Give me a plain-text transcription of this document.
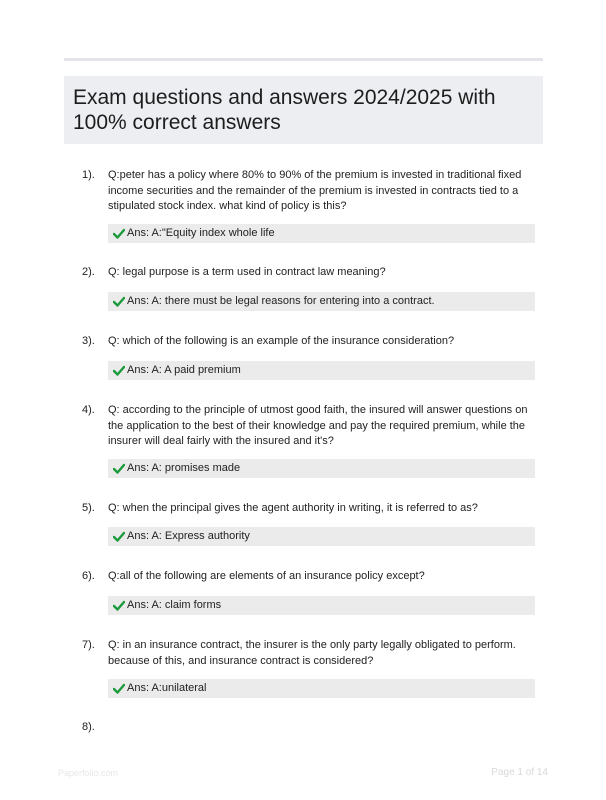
Exam questions and answers 2024/2025 with 100% correct answers
1). Q:peter has a policy where 80% to 90% of the premium is invested in traditional fixed income securities and the remainder of the premium is invested in contracts tied to a stipulated stock index. what kind of policy is this?
Ans: A:"Equity index whole life
2). Q: legal purpose is a term used in contract law meaning?
Ans: A: there must be legal reasons for entering into a contract.
3). Q: which of the following is an example of the insurance consideration?
Ans: A: A paid premium
4). Q: according to the principle of utmost good faith, the insured will answer questions on the application to the best of their knowledge and pay the required premium, while the insurer will deal fairly with the insured and it's?
Ans: A: promises made
5). Q: when the principal gives the agent authority in writing, it is referred to as?
Ans: A: Express authority
6). Q:all of the following are elements of an insurance policy except?
Ans: A: claim forms
7). Q: in an insurance contract, the insurer is the only party legally obligated to perform. because of this, and insurance contract is considered?
Ans: A:unilateral
8).
Paperfolio.com	Page 1 of 14
